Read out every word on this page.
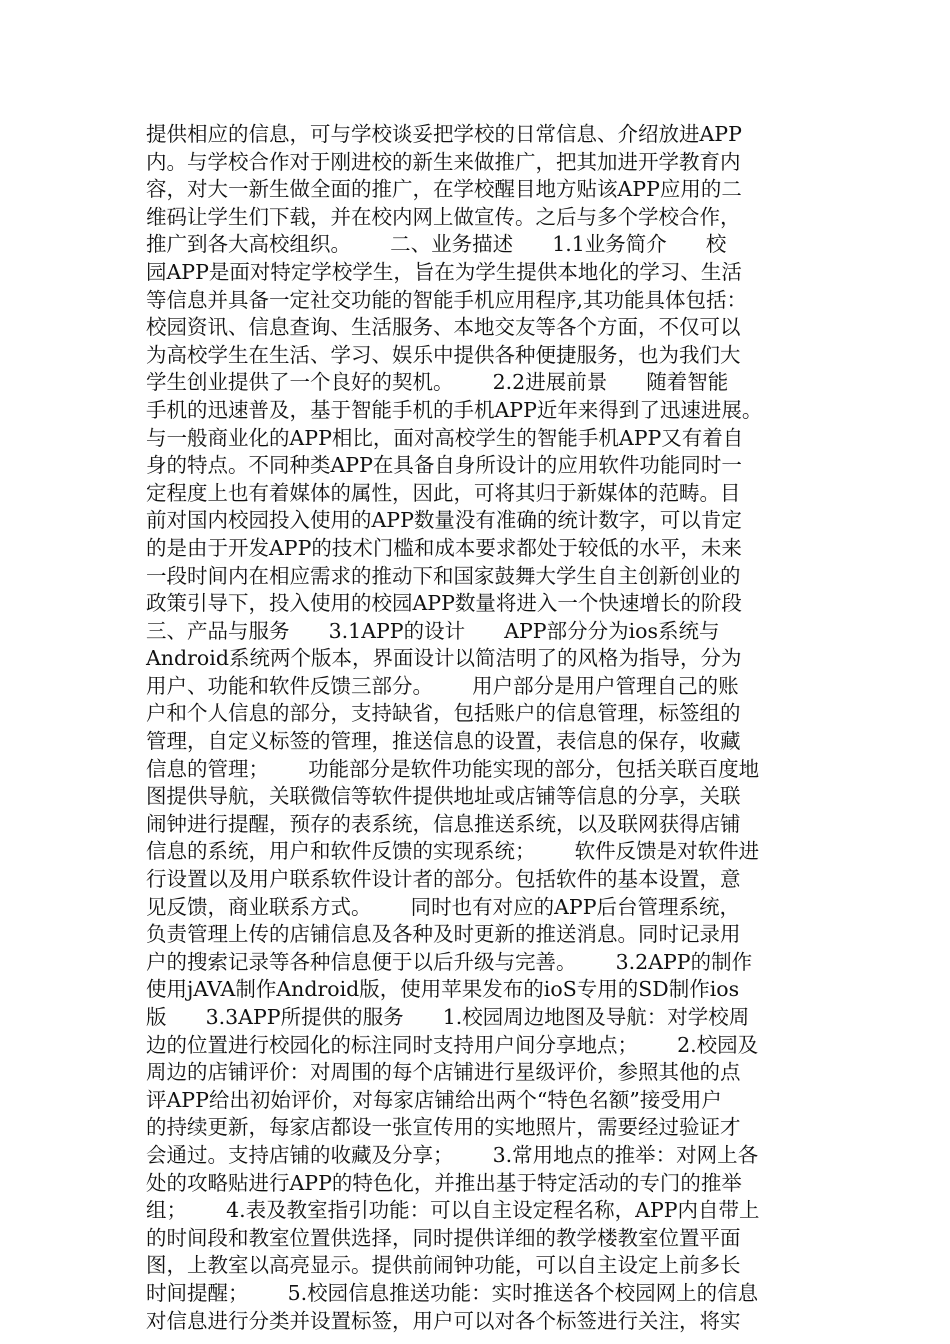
提供相应的信息，可与学校谈妥把学校的日常信息、介绍放进APP
内。与学校合作对于刚进校的新生来做推广，把其加进开学教育内
容，对大一新生做全面的推广，在学校醒目地方贴该APP应用的二
维码让学生们下载，并在校内网上做宣传。之后与多个学校合作，
推广到各大高校组织。      二、业务描述      1.1业务简介      校
园APP是面对特定学校学生，旨在为学生提供本地化的学习、生活
等信息并具备一定社交功能的智能手机应用程序,其功能具体包括：
校园资讯、信息查询、生活服务、本地交友等各个方面，不仅可以
为高校学生在生活、学习、娱乐中提供各种便捷服务，也为我们大
学生创业提供了一个良好的契机。      2.2进展前景      随着智能
手机的迅速普及，基于智能手机的手机APP近年来得到了迅速进展。
与一般商业化的APP相比，面对高校学生的智能手机APP又有着自
身的特点。不同种类APP在具备自身所设计的应用软件功能同时一
定程度上也有着媒体的属性，因此，可将其归于新媒体的范畴。目
前对国内校园投入使用的APP数量没有准确的统计数字，可以肯定
的是由于开发APP的技术门槛和成本要求都处于较低的水平，未来
一段时间内在相应需求的推动下和国家鼓舞大学生自主创新创业的
政策引导下，投入使用的校园APP数量将进入一个快速增长的阶段
三、产品与服务      3.1APP的设计      APP部分分为ios系统与
Android系统两个版本，界面设计以简洁明了的风格为指导，分为
用户、功能和软件反馈三部分。      用户部分是用户管理自己的账
户和个人信息的部分，支持缺省，包括账户的信息管理，标签组的
管理，自定义标签的管理，推送信息的设置，表信息的保存，收藏
信息的管理；      功能部分是软件功能实现的部分，包括关联百度地
图提供导航，关联微信等软件提供地址或店铺等信息的分享，关联
闹钟进行提醒，预存的表系统，信息推送系统，以及联网获得店铺
信息的系统，用户和软件反馈的实现系统；      软件反馈是对软件进
行设置以及用户联系软件设计者的部分。包括软件的基本设置，意
见反馈，商业联系方式。      同时也有对应的APP后台管理系统，
负责管理上传的店铺信息及各种及时更新的推送消息。同时记录用
户的搜索记录等各种信息便于以后升级与完善。      3.2APP的制作
使用jAVA制作Android版，使用苹果发布的ioS专用的SD制作ios
版      3.3APP所提供的服务      1.校园周边地图及导航：对学校周
边的位置进行校园化的标注同时支持用户间分享地点；      2.校园及
周边的店铺评价：对周围的每个店铺进行星级评价，参照其他的点
评APP给出初始评价，对每家店铺给出两个“特色名额”接受用户
的持续更新，每家店都设一张宣传用的实地照片，需要经过验证才
会通过。支持店铺的收藏及分享；      3.常用地点的推举：对网上各
处的攻略贴进行APP的特色化，并推出基于特定活动的专门的推举
组；      4.表及教室指引功能：可以自主设定程名称，APP内自带上
的时间段和教室位置供选择，同时提供详细的教学楼教室位置平面
图，上教室以高亮显示。提供前闹钟功能，可以自主设定上前多长
时间提醒；      5.校园信息推送功能：实时推送各个校园网上的信息
对信息进行分类并设置标签，用户可以对各个标签进行关注，将实
